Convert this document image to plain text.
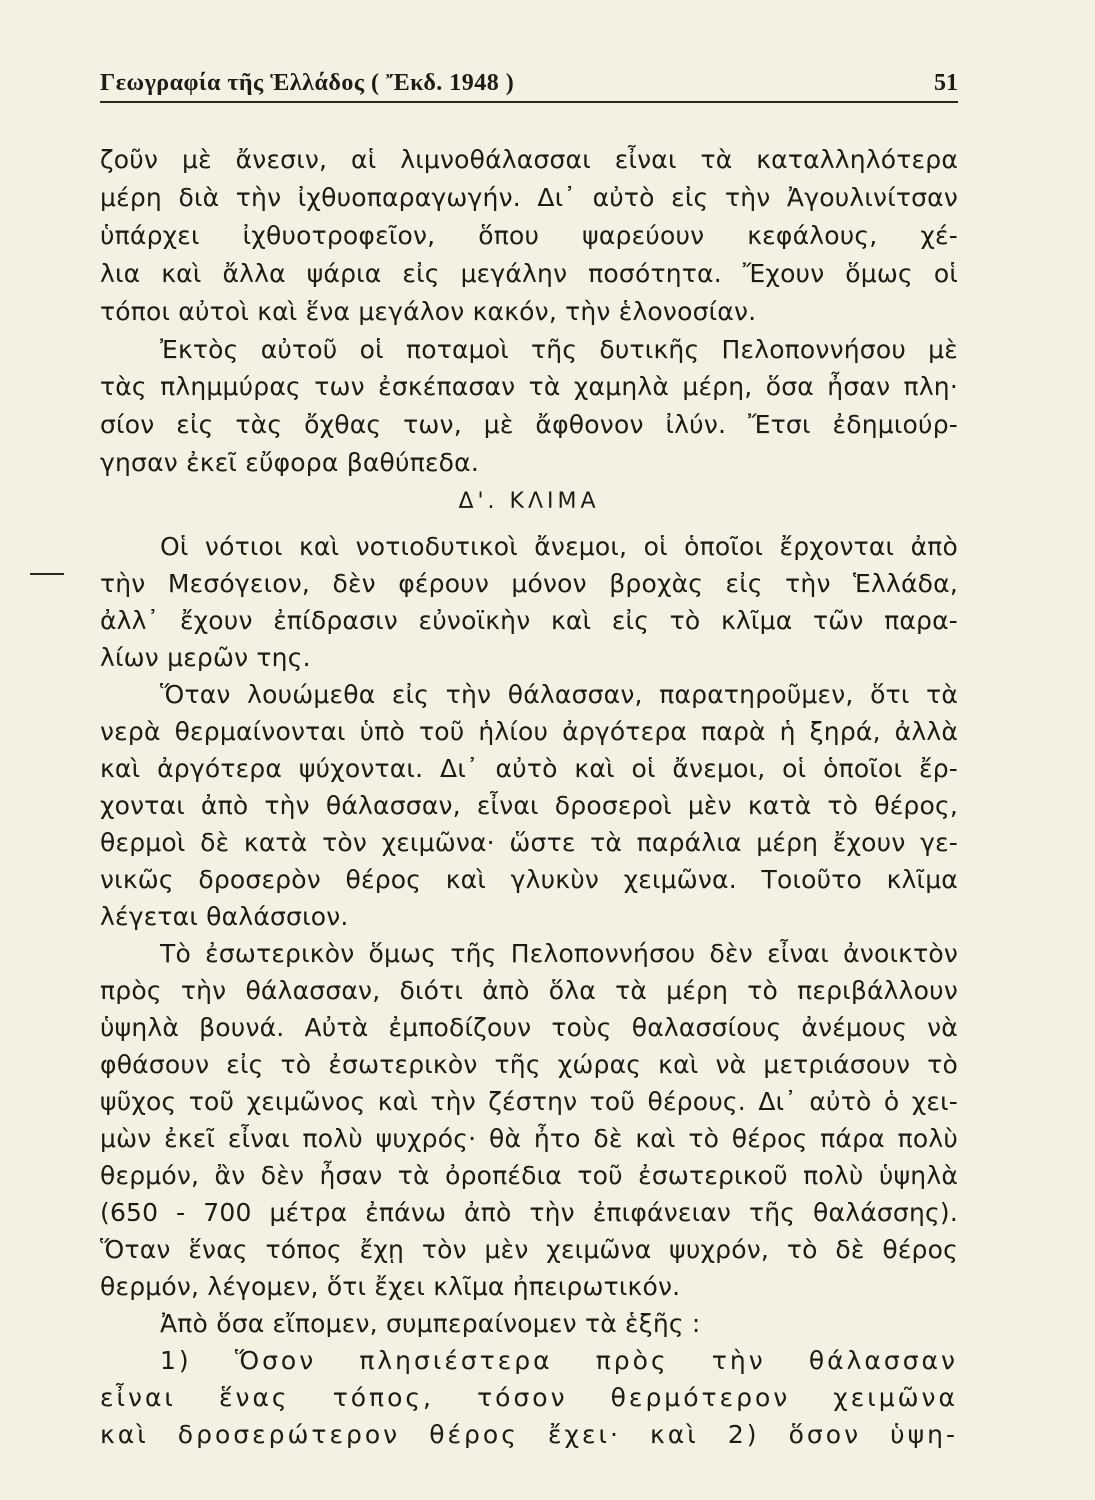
Γεωγραφία τῆς Ἑλλάδος ( Ἔκδ. 1948 )	51
ζοῦν μὲ ἄνεσιν, αἱ λιμνοθάλασσαι εἶναι τὰ καταλληλότερα
μέρη διὰ τὴν ἰχθυοπαραγωγήν. Δι᾿ αὐτὸ εἰς τὴν Ἀγουλινίτσαν
ὑπάρχει ἰχθυοτροφεῖον, ὅπου ψαρεύουν κεφάλους, χέ-
λια καὶ ἄλλα ψάρια εἰς μεγάλην ποσότητα. Ἔχουν ὅμως οἱ
τόποι αὐτοὶ καὶ ἕνα μεγάλον κακόν, τὴν ἑλονοσίαν.
Ἐκτὸς αὐτοῦ οἱ ποταμοὶ τῆς δυτικῆς Πελοποννήσου μὲ
τὰς πλημμύρας των ἐσκέπασαν τὰ χαμηλὰ μέρη, ὅσα ἦσαν πλη·
σίον εἰς τὰς ὄχθας των, μὲ ἄφθονον ἰλύν. Ἔτσι ἐδημιούρ-
γησαν ἐκεῖ εὔφορα βαθύπεδα.
Δ'. ΚΛΙΜΑ
Οἱ νότιοι καὶ νοτιοδυτικοὶ ἄνεμοι, οἱ ὁποῖοι ἔρχονται ἀπὸ
τὴν Μεσόγειον, δὲν φέρουν μόνον βροχὰς εἰς τὴν Ἑλλάδα,
ἀλλ᾿ ἔχουν ἐπίδρασιν εὐνοϊκὴν καὶ εἰς τὸ κλῖμα τῶν παρα-
λίων μερῶν της.
Ὅταν λουώμεθα εἰς τὴν θάλασσαν, παρατηροῦμεν, ὅτι τὰ
νερὰ θερμαίνονται ὑπὸ τοῦ ἡλίου ἀργότερα παρὰ ἡ ξηρά, ἀλλὰ
καὶ ἀργότερα ψύχονται. Δι᾿ αὐτὸ καὶ οἱ ἄνεμοι, οἱ ὁποῖοι ἔρ-
χονται ἀπὸ τὴν θάλασσαν, εἶναι δροσεροὶ μὲν κατὰ τὸ θέρος,
θερμοὶ δὲ κατὰ τὸν χειμῶνα· ὥστε τὰ παράλια μέρη ἔχουν γε-
νικῶς δροσερὸν θέρος καὶ γλυκὺν χειμῶνα. Τοιοῦτο κλῖμα
λέγεται θαλάσσιον.
Τὸ ἐσωτερικὸν ὅμως τῆς Πελοποννήσου δὲν εἶναι ἀνοικτὸν
πρὸς τὴν θάλασσαν, διότι ἀπὸ ὅλα τὰ μέρη τὸ περιβάλλουν
ὑψηλὰ βουνά. Αὐτὰ ἐμποδίζουν τοὺς θαλασσίους ἀνέμους νὰ
φθάσουν εἰς τὸ ἐσωτερικὸν τῆς χώρας καὶ νὰ μετριάσουν τὸ
ψῦχος τοῦ χειμῶνος καὶ τὴν ζέστην τοῦ θέρους. Δι᾿ αὐτὸ ὁ χει-
μὼν ἐκεῖ εἶναι πολὺ ψυχρός· θὰ ἦτο δὲ καὶ τὸ θέρος πάρα πολὺ
θερμόν, ἂν δὲν ἦσαν τὰ ὀροπέδια τοῦ ἐσωτερικοῦ πολὺ ὑψηλὰ
(650 - 700 μέτρα ἐπάνω ἀπὸ τὴν ἐπιφάνειαν τῆς θαλάσσης).
Ὅταν ἕνας τόπος ἔχῃ τὸν μὲν χειμῶνα ψυχρόν, τὸ δὲ θέρος
θερμόν, λέγομεν, ὅτι ἔχει κλῖμα ἠπειρωτικόν.
Ἀπὸ ὅσα εἴπομεν, συμπεραίνομεν τὰ ἑξῆς :
1) Ὅσον πλησιέστερα πρὸς τὴν θάλασσαν
εἶναι ἕνας τόπος, τόσον θερμότερον χειμῶνα
καὶ δροσερώτερον θέρος ἔχει· καὶ 2) ὅσον ὑψη-
